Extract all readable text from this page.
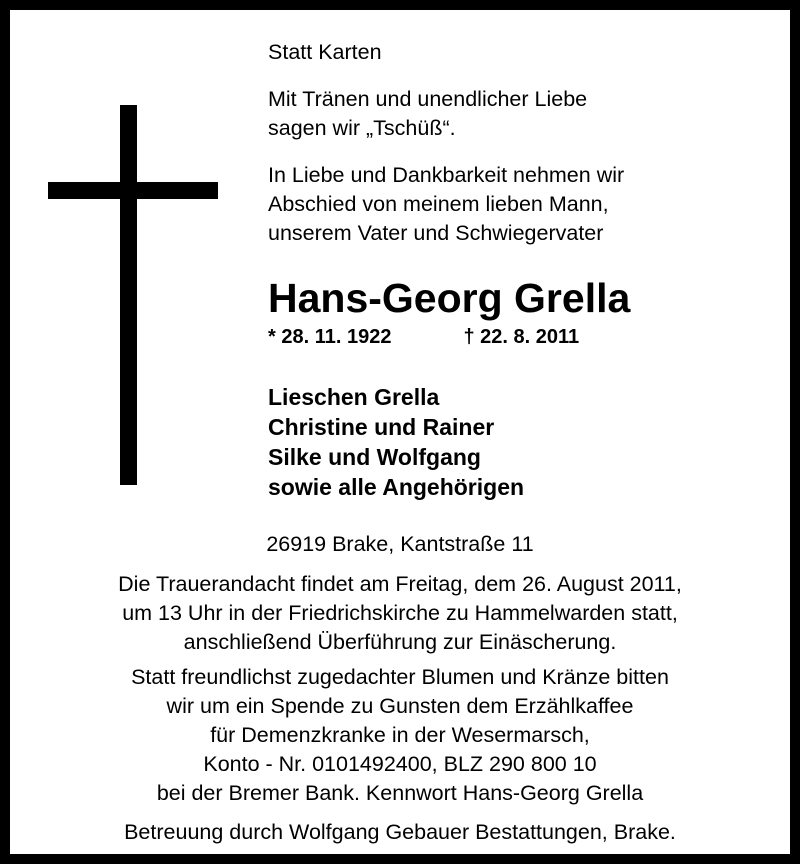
Statt Karten
Mit Tränen und unendlicher Liebe
sagen wir „Tschüß“.
In Liebe und Dankbarkeit nehmen wir
Abschied von meinem lieben Mann,
unserem Vater und Schwiegervater
Hans-Georg Grella
* 28. 11. 1922	† 22. 8. 2011
Lieschen Grella
Christine und Rainer
Silke und Wolfgang
sowie alle Angehörigen
26919 Brake, Kantstraße 11
Die Trauerandacht findet am Freitag, dem 26. August 2011,
um 13 Uhr in der Friedrichskirche zu Hammelwarden statt,
anschließend Überführung zur Einäscherung.
Statt freundlichst zugedachter Blumen und Kränze bitten
wir um ein Spende zu Gunsten dem Erzählkaffee
für Demenzkranke in der Wesermarsch,
Konto - Nr. 0101492400, BLZ 290 800 10
bei der Bremer Bank. Kennwort Hans-Georg Grella
Betreuung durch Wolfgang Gebauer Bestattungen, Brake.
